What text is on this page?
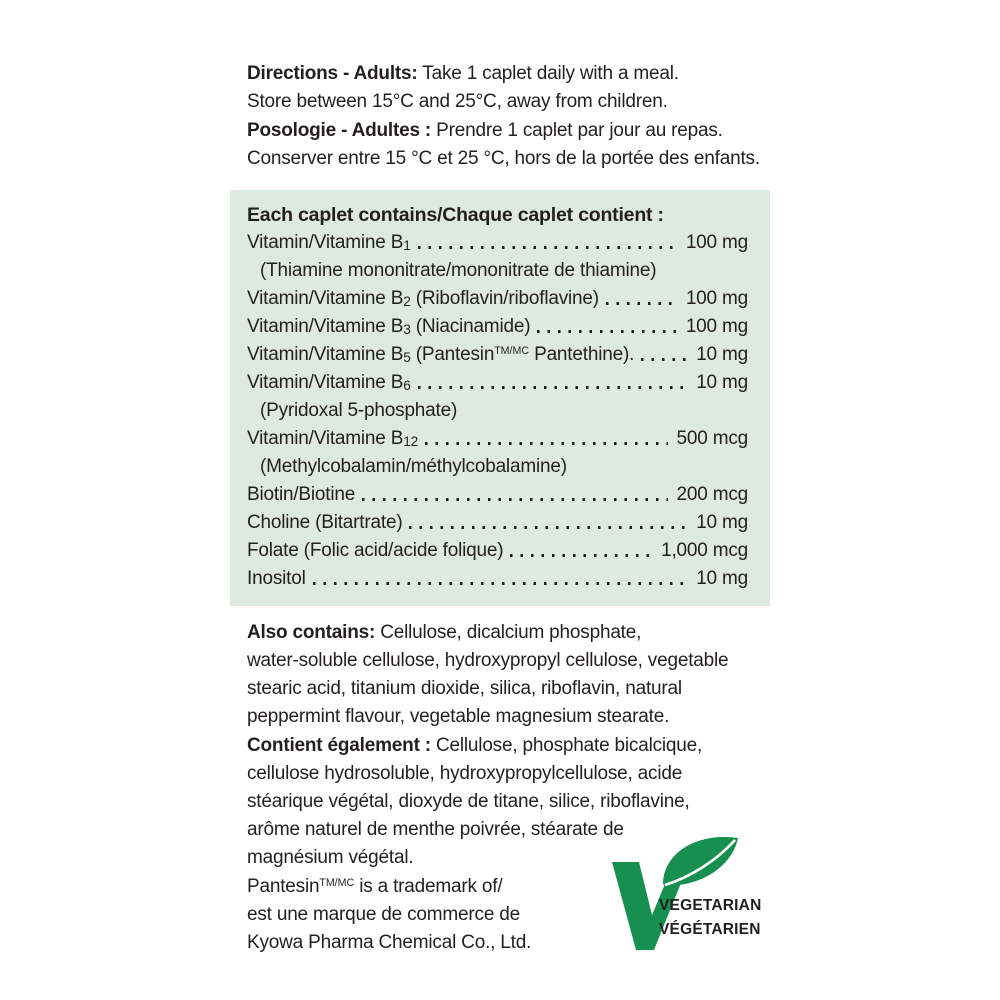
Directions - Adults: Take 1 caplet daily with a meal.
Store between 15°C and 25°C, away from children.

Posologie - Adultes : Prendre 1 caplet par jour au repas.
Conserver entre 15 °C et 25 °C, hors de la portée des enfants.

Each caplet contains/Chaque caplet contient :
Vitamin/Vitamine $B_1$	100 mg
(Thiamine mononitrate/mononitrate de thiamine)
Vitamin/Vitamine $B_2$ (Riboflavin/riboflavine)	100 mg
Vitamin/Vitamine $B_3$ (Niacinamide)	100 mg
Vitamin/Vitamine $B_5$ (Pantesin$^{TM/MC}$ Pantethine).	10 mg
Vitamin/Vitamine $B_6$	10 mg
(Pyridoxal 5-phosphate)
Vitamin/Vitamine $B_{12}$	500 mcg
(Methylcobalamin/méthylcobalamine)
Biotin/Biotine	200 mcg
Choline (Bitartrate)	10 mg
Folate (Folic acid/acide folique)	1,000 mcg
Inositol	10 mg

Also contains: Cellulose, dicalcium phosphate,
water-soluble cellulose, hydroxypropyl cellulose, vegetable
stearic acid, titanium dioxide, silica, riboflavin, natural
peppermint flavour, vegetable magnesium stearate.

Contient également : Cellulose, phosphate bicalcique,
cellulose hydrosoluble, hydroxypropylcellulose, acide
stéarique végétal, dioxyde de titane, silice, riboflavine,
arôme naturel de menthe poivrée, stéarate de
magnésium végétal.

Pantesin$^{TM/MC}$ is a trademark of/
est une marque de commerce de
Kyowa Pharma Chemical Co., Ltd.

VEGETARIAN
VÉGÉTARIEN
